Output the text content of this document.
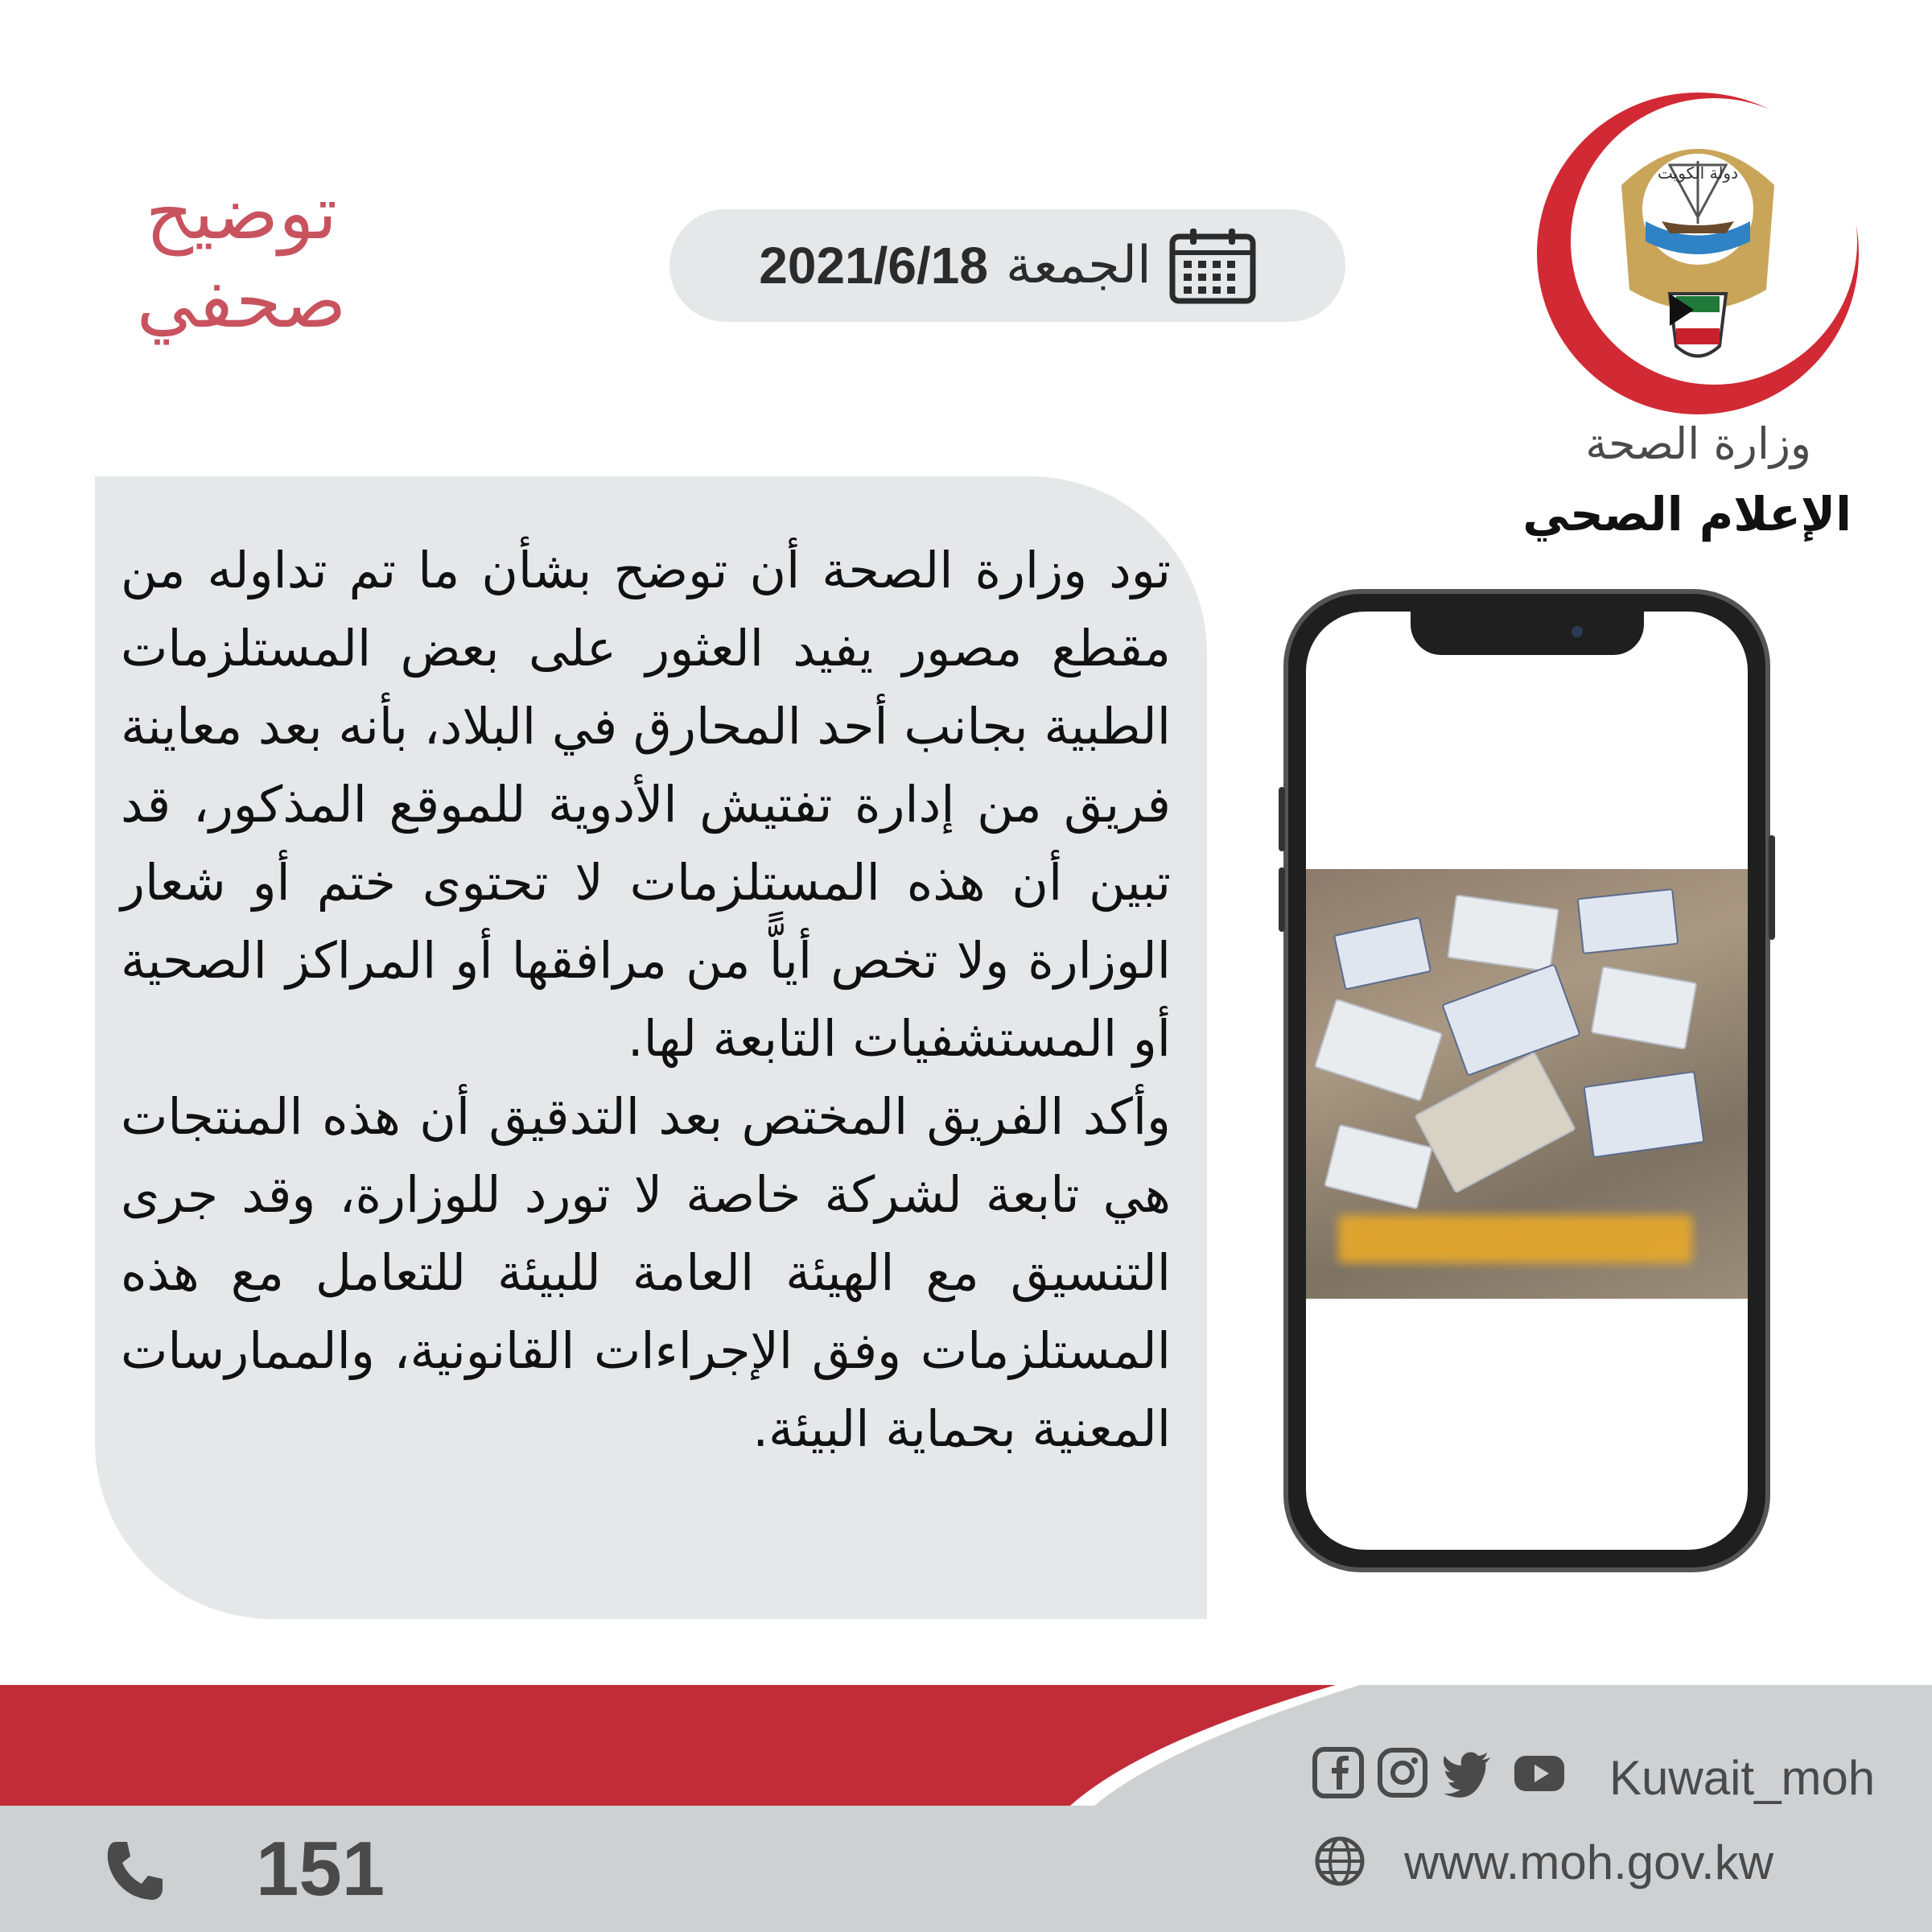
توضيح
صحفي	الجمعة
2021/6/18
دولة الكويت
وزارة الصحة
الإعلام الصحي

تود وزارة الصحة أن توضح بشأن ما تم تداوله من مقطع مصور يفيد العثور على بعض المستلزمات الطبية بجانب أحد المحارق في البلاد، بأنه بعد معاينة فريق من إدارة تفتيش الأدوية للموقع المذكور، قد تبين أن هذه المستلزمات لا تحتوى ختم أو شعار الوزارة ولا تخص أياًّ من مرافقها أو المراكز الصحية أو المستشفيات التابعة لها.

وأكد الفريق المختص بعد التدقيق أن هذه المنتجات هي تابعة لشركة خاصة لا تورد للوزارة، وقد جرى التنسيق مع الهيئة العامة للبيئة للتعامل مع هذه المستلزمات وفق الإجراءات القانونية، والممارسات المعنية بحماية البيئة.

Kuwait_moh
www.moh.gov.kw
151
